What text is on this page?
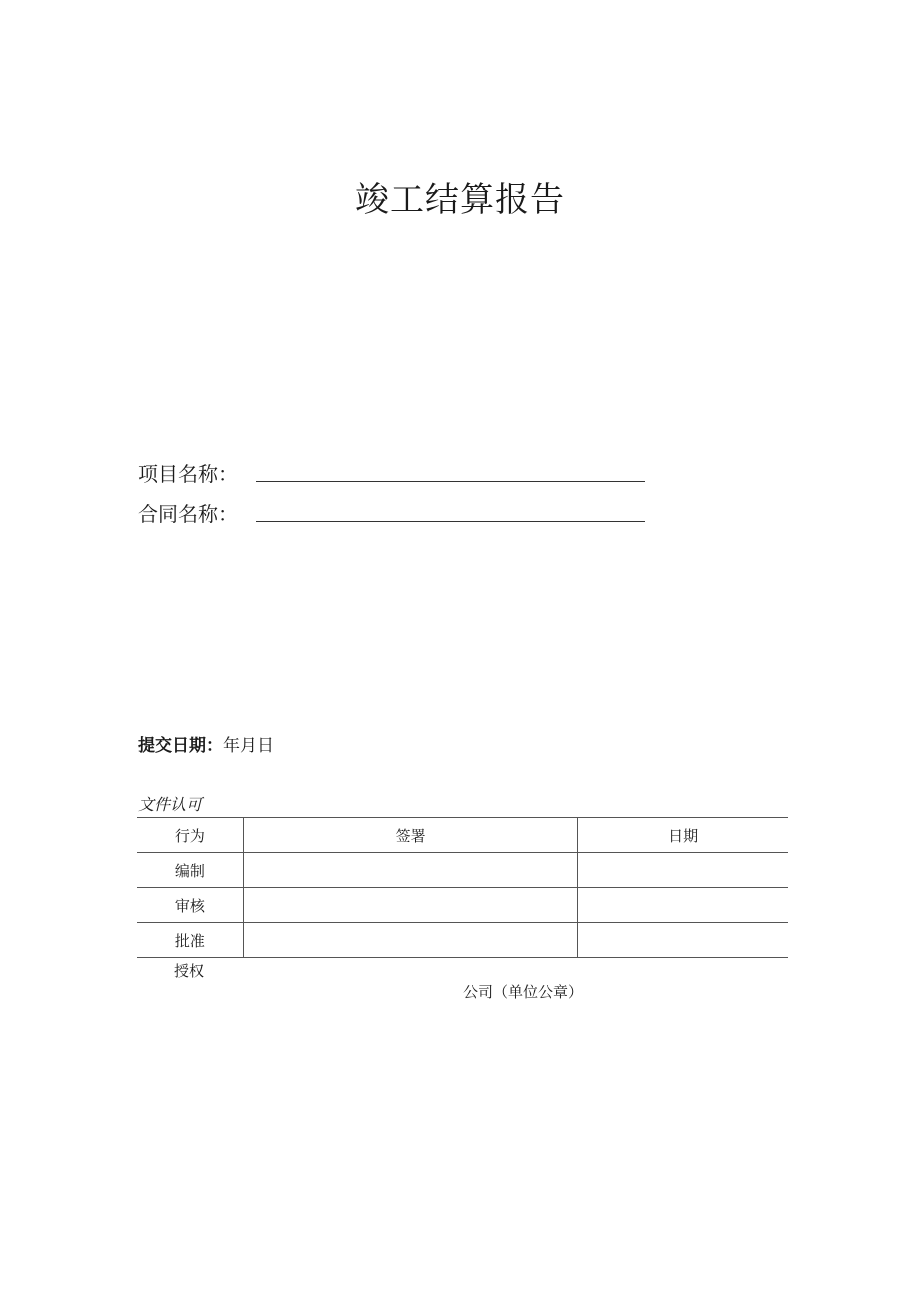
竣工结算报告
项目名称：
合同名称：
提交日期：年月日
文件认可
行为	签署	日期
编制		
审核		
批准		
授权
公司（单位公章）
